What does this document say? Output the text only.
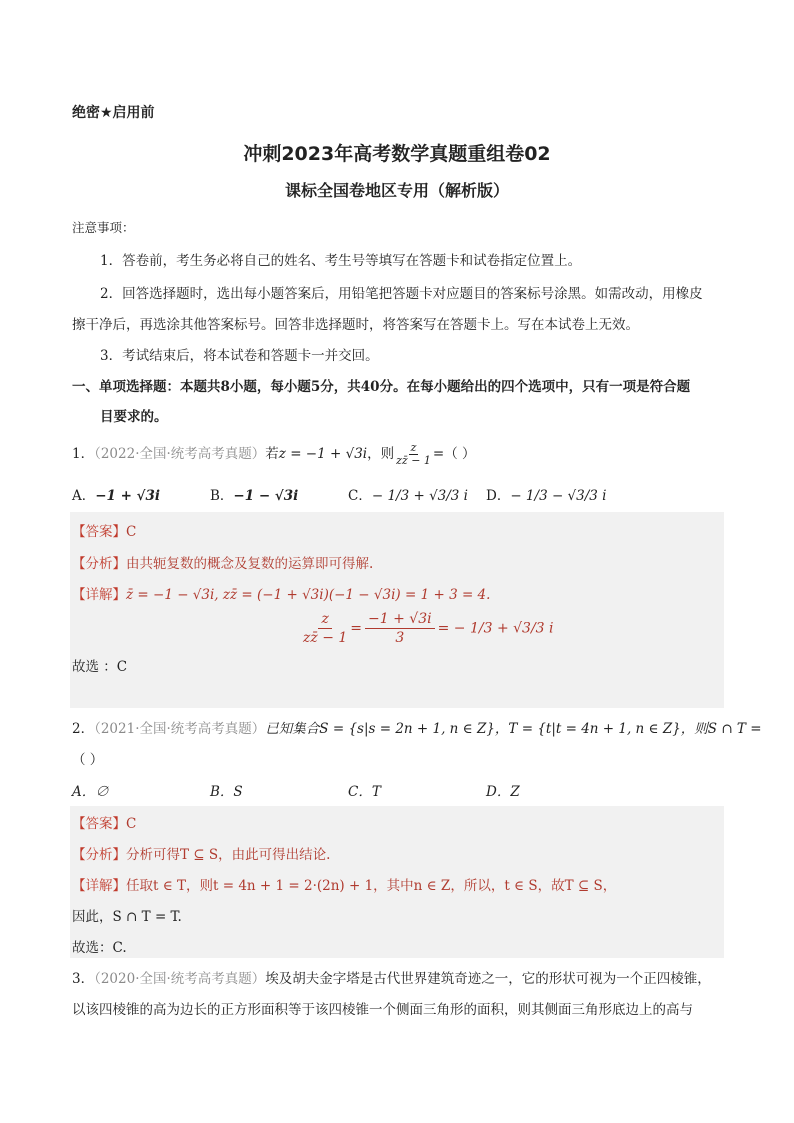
绝密★启用前
冲刺2023年高考数学真题重组卷02
课标全国卷地区专用（解析版）
注意事项：
1．答卷前，考生务必将自己的姓名、考生号等填写在答题卡和试卷指定位置上。
2．回答选择题时，选出每小题答案后，用铅笔把答题卡对应题目的答案标号涂黑。如需改动，用橡皮
擦干净后，再选涂其他答案标号。回答非选择题时，将答案写在答题卡上。写在本试卷上无效。
3．考试结束后，将本试卷和答题卡一并交回。
一、单项选择题：本题共8小题，每小题5分，共40分。在每小题给出的四个选项中，只有一项是符合题
目要求的。
1．（2022·全国·统考高考真题）若z = −1 + √3i，则 $\frac{z}{zz̄ - 1}$ =（ ）
A．−1 + √3i	B．−1 − √3i	C．− 1/3 + √3/3 i D．− 1/3 − √3/3 i
【答案】C
【分析】由共轭复数的概念及复数的运算即可得解.
【详解】z̄ = −1 − √3i, zz̄ = (−1 + √3i)(−1 − √3i) = 1 + 3 = 4.
$\frac{z}{zz̄ - 1} = \frac{-1 + √3i}{3}$ = − 1/3 + √3/3 i
故选 ：C
2．（2021·全国·统考高考真题）已知集合S = {s|s = 2n + 1, n ∈ Z}，T = {t|t = 4n + 1, n ∈ Z}，则S ∩ T =
（ ）
A．∅	B．S	C．T	D．Z
【答案】C
【分析】分析可得T ⊆ S，由此可得出结论.
【详解】任取t ∈ T，则t = 4n + 1 = 2·(2n) + 1，其中n ∈ Z，所以，t ∈ S，故T ⊆ S，
因此，S ∩ T = T.
故选：C.
3．（2020·全国·统考高考真题）埃及胡夫金字塔是古代世界建筑奇迹之一，它的形状可视为一个正四棱锥，
以该四棱锥的高为边长的正方形面积等于该四棱锥一个侧面三角形的面积，则其侧面三角形底边上的高与
